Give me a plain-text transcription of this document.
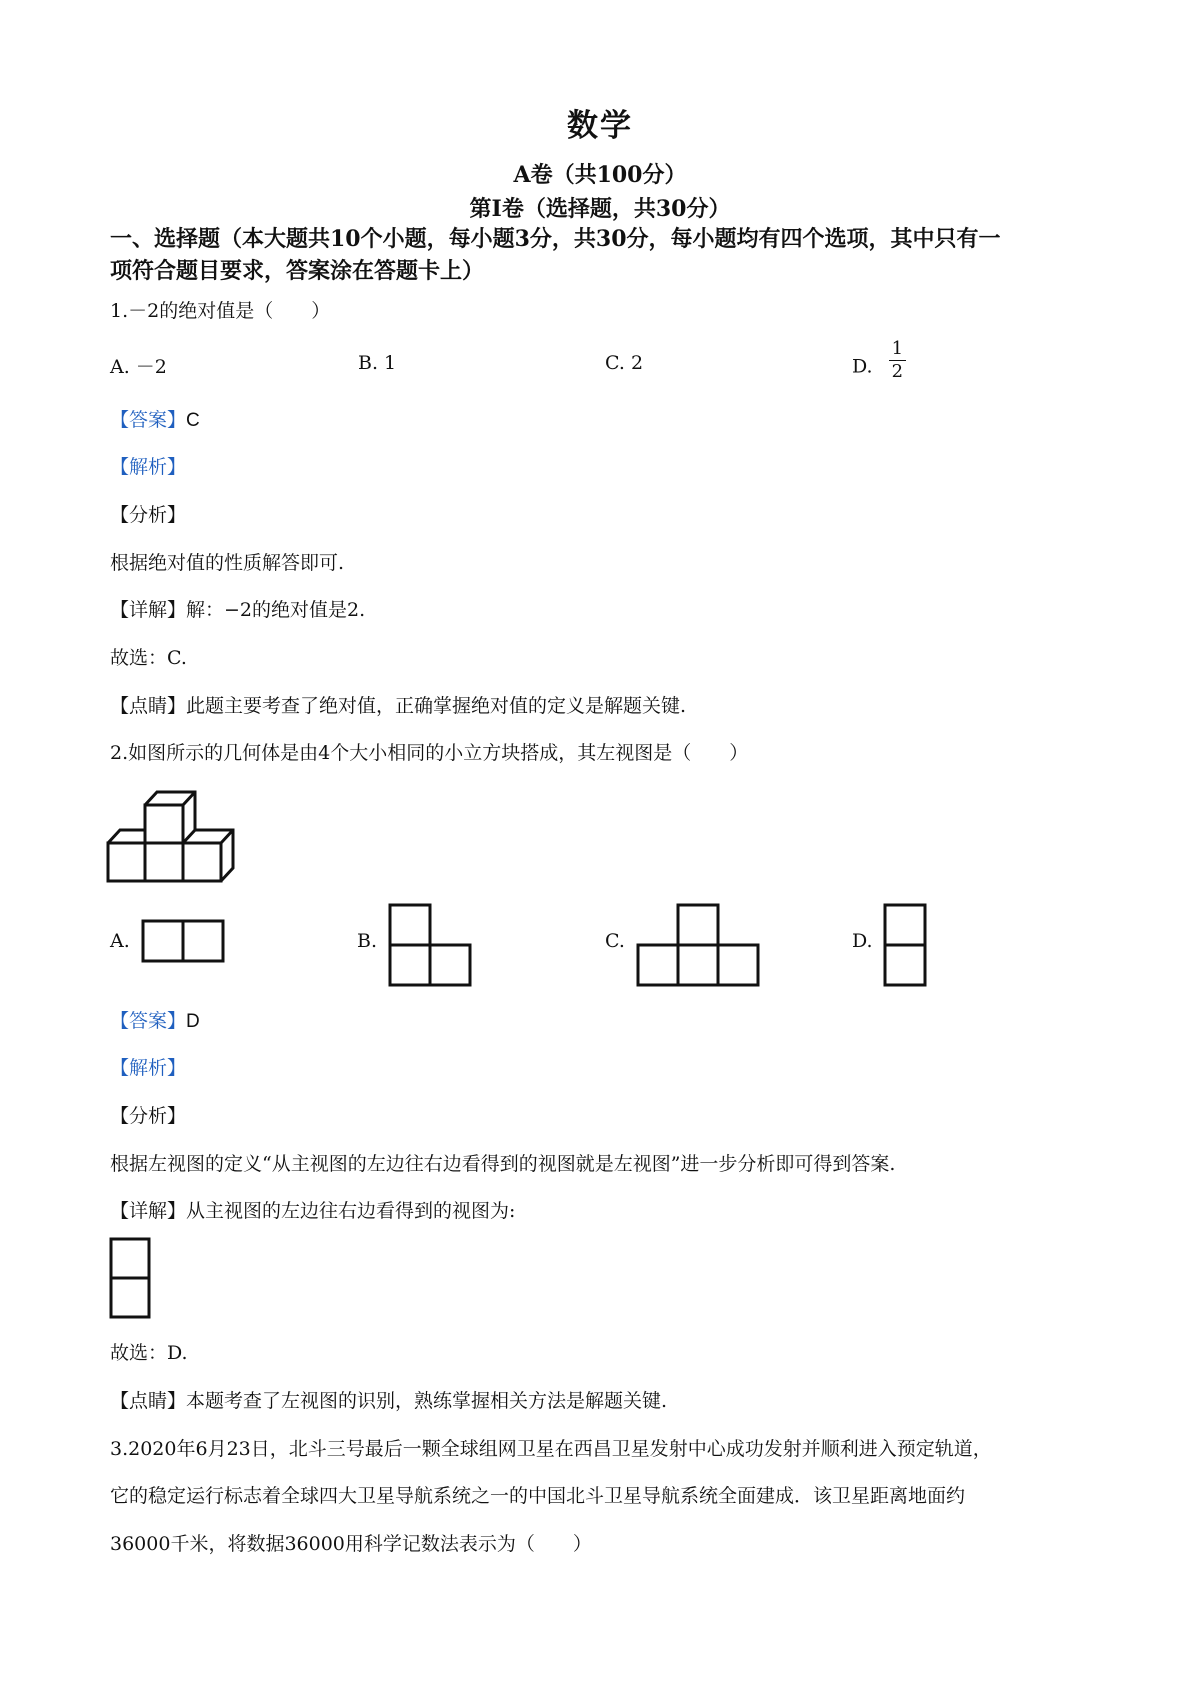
数学
A卷（共100分）
第Ⅰ卷（选择题，共30分）
一、选择题（本大题共10个小题，每小题3分，共30分，每小题均有四个选项，其中只有一
项符合题目要求，答案涂在答题卡上）
1.－2的绝对值是（　　）
A. －2	B. 1	C. 2	D. $\frac{1}{2}$
【答案】C
【解析】
【分析】
根据绝对值的性质解答即可.
【详解】解：−2的绝对值是2.
故选：C.
【点睛】此题主要考查了绝对值，正确掌握绝对值的定义是解题关键.
2.如图所示的几何体是由4个大小相同的小立方块搭成，其左视图是（　　）
A.	B.	C.	D.
【答案】D
【解析】
【分析】
根据左视图的定义“从主视图的左边往右边看得到的视图就是左视图”进一步分析即可得到答案.
【详解】从主视图的左边往右边看得到的视图为:
故选：D.
【点睛】本题考查了左视图的识别，熟练掌握相关方法是解题关键.
3.2020年6月23日，北斗三号最后一颗全球组网卫星在西昌卫星发射中心成功发射并顺利进入预定轨道，
它的稳定运行标志着全球四大卫星导航系统之一的中国北斗卫星导航系统全面建成．该卫星距离地面约
36000千米，将数据36000用科学记数法表示为（　　）
